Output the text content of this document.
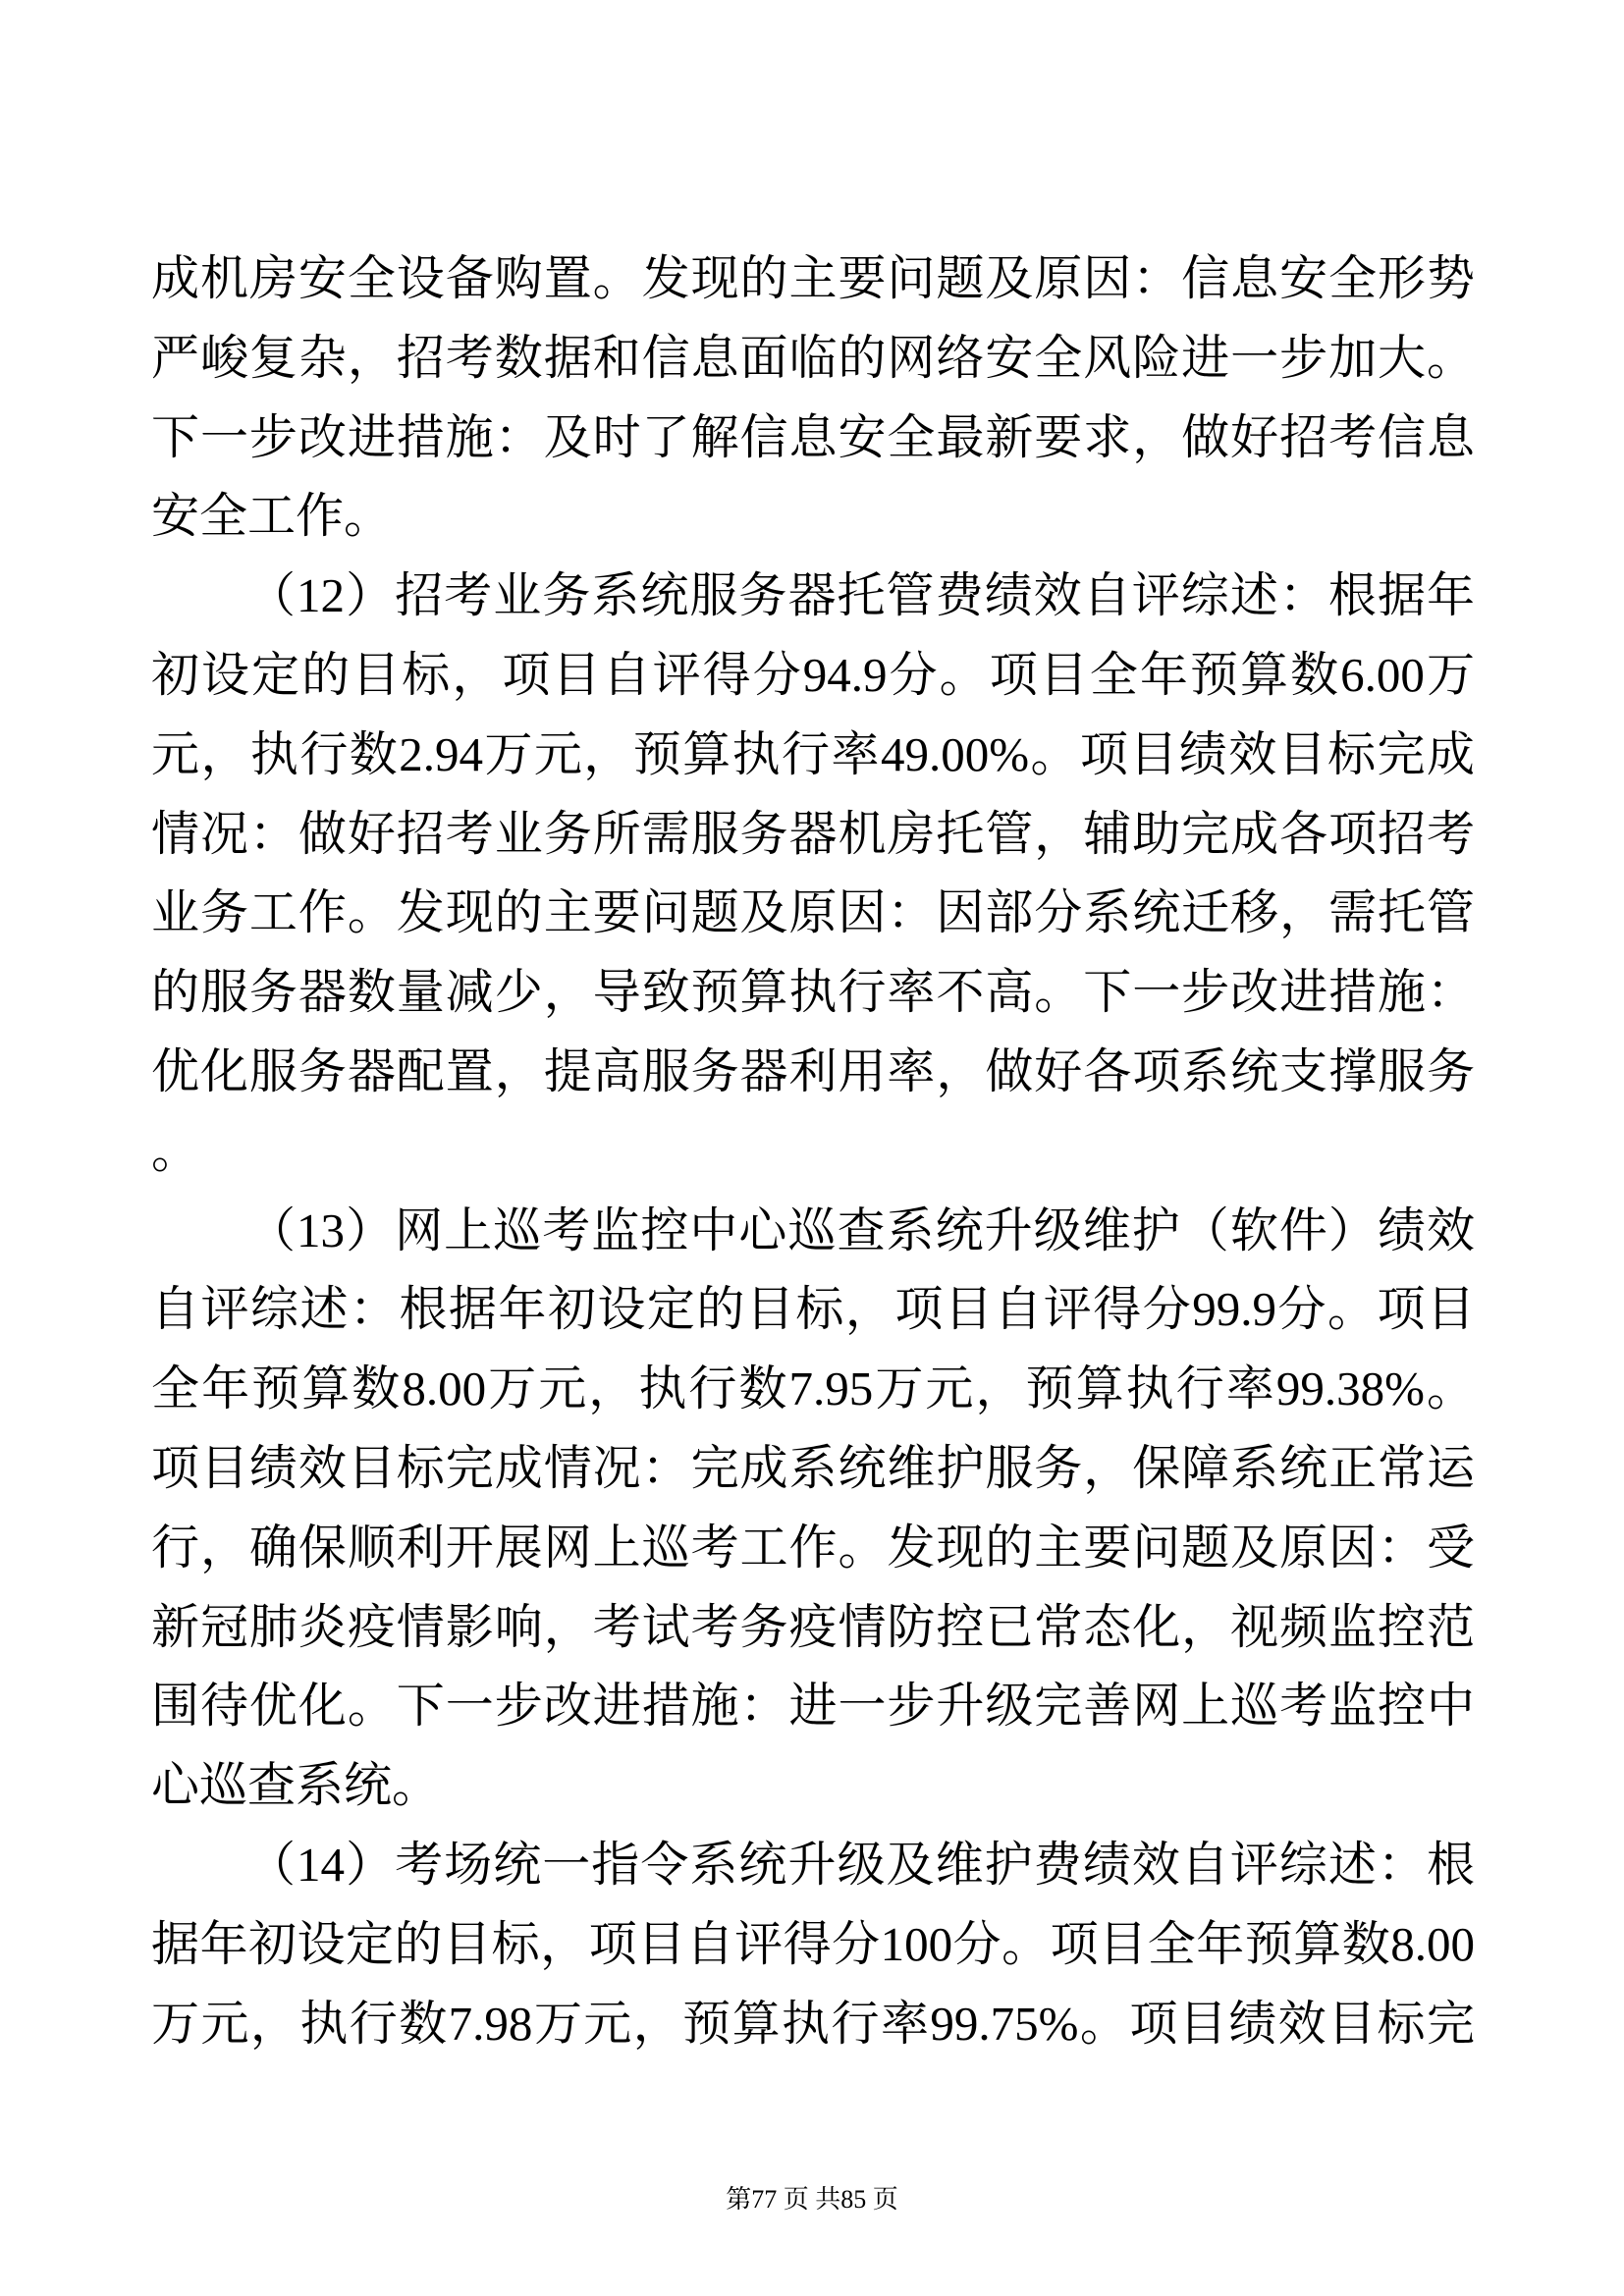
成机房安全设备购置。发现的主要问题及原因：信息安全形势

严峻复杂，招考数据和信息面临的网络安全风险进一步加大。

下一步改进措施：及时了解信息安全最新要求，做好招考信息

安全工作。

（12）招考业务系统服务器托管费绩效自评综述：根据年

初设定的目标，项目自评得分94.9分。项目全年预算数6.00万

元，执行数2.94万元，预算执行率49.00%。项目绩效目标完成

情况：做好招考业务所需服务器机房托管，辅助完成各项招考

业务工作。发现的主要问题及原因：因部分系统迁移，需托管

的服务器数量减少，导致预算执行率不高。下一步改进措施：

优化服务器配置，提高服务器利用率，做好各项系统支撑服务

。

（13）网上巡考监控中心巡查系统升级维护（软件）绩效

自评综述：根据年初设定的目标，项目自评得分99.9分。项目

全年预算数8.00万元，执行数7.95万元，预算执行率99.38%。

项目绩效目标完成情况：完成系统维护服务，保障系统正常运

行，确保顺利开展网上巡考工作。发现的主要问题及原因：受

新冠肺炎疫情影响，考试考务疫情防控已常态化，视频监控范

围待优化。下一步改进措施：进一步升级完善网上巡考监控中

心巡查系统。

（14）考场统一指令系统升级及维护费绩效自评综述：根

据年初设定的目标，项目自评得分100分。项目全年预算数8.00

万元，执行数7.98万元，预算执行率99.75%。项目绩效目标完

第77 页 共85 页
